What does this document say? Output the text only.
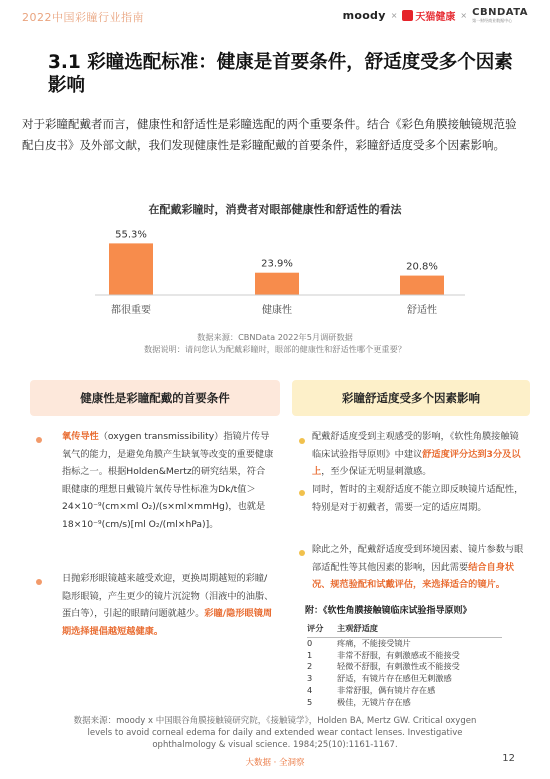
2022中国彩瞳行业指南	moody × 天猫健康 × CBNDATA
第一财经商业数据中心
3.1 彩瞳选配标准：健康是首要条件，舒适度受多个因素影响
对于彩瞳配戴者而言，健康性和舒适性是彩瞳选配的两个重要条件。结合《彩色角膜接触镜规范验配白皮书》及外部文献，我们发现健康性是彩瞳配戴的首要条件，彩瞳舒适度受多个因素影响。
在配戴彩瞳时，消费者对眼部健康性和舒适性的看法
55.3%
都很重要
23.9%
健康性
20.8%
舒适性
数据来源：CBNData 2022年5月调研数据
数据说明：请问您认为配戴彩瞳时，眼部的健康性和舒适性哪个更重要？
健康性是彩瞳配戴的首要条件
氧传导性（oxygen transmissibility）指镜片传导氧气的能力，是避免角膜产生缺氧等改变的重要健康指标之一。根据Holden&Mertz的研究结果，符合眼健康的理想日戴镜片氧传导性标准为Dk/t值＞24×10⁻⁹(cm×ml O₂)/(s×ml×mmHg)，也就是18×10⁻⁹(cm/s)[ml O₂/(ml×hPa)]。
日抛彩形眼镜越来越受欢迎，更换周期越短的彩瞳/隐形眼镜，产生更少的镜片沉淀物（泪液中的油脂、蛋白等），引起的眼睛问题就越少。彩瞳/隐形眼镜周期选择提倡越短越健康。
彩瞳舒适度受多个因素影响
配戴舒适度受到主观感受的影响，《软性角膜接触镜临床试验指导原则》中建议舒适度评分达到3分及以上，至少保证无明显刺激感。
同时，暂时的主观舒适度不能立即反映镜片适配性，特别是对于初戴者，需要一定的适应周期。
除此之外，配戴舒适度受到环境因素、镜片参数与眼部适配性等其他因素的影响，因此需要结合自身状况、规范验配和试戴评估，来选择适合的镜片。
附：《软性角膜接触镜临床试验指导原则》
评分	主观舒适度
0	疼痛，不能接受镜片
1	非常不舒服，有刺激感或不能接受
2	轻微不舒服，有刺激性或不能接受
3	舒适，有镜片存在感但无刺激感
4	非常舒服，偶有镜片存在感
5	极佳，无镜片存在感
数据来源：moody x 中国眼谷角膜接触镜研究院，《接触镜学》，Holden BA, Mertz GW. Critical oxygen
levels to avoid corneal edema for daily and extended wear contact lenses. Investigative
ophthalmology & visual science. 1984;25(10):1161-1167.
大数据 · 全洞察	12
